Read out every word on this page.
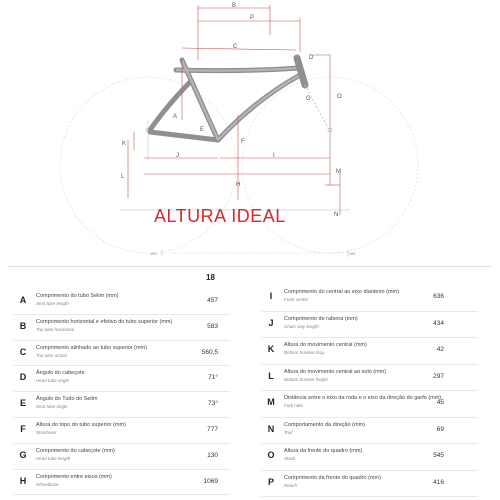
B
P
C
D
O
A
E
F
G
J	I
H
K
L
M
N
160	180
ALTURA IDEAL
18
A	Comprimento do tubo Selim (mm)
Seat tube length	457
B	Comprimento horizontal e efetivo do tubo superior (mm)
Top tube horizontal	583
C	Comprimento alinhado ao tubo superior (mm)
Top tube actual	560,5
D	Ângulo do cabeçote
Head tube angle	71°
E	Ângulo do Tudo do Selim
Seat tube angle	73°
F	Altura do topo do tubo superior (mm)
Standover	777
G	Comprimento do cabeçote (mm)
Head tube length	130
H	Comprimento entre eixos (mm)
Wheelbase	1069
I	Comprimento do central ao eixo dianteiro (mm)
Front center	636
J	Comprimento de rabeira (mm)
Chain stay length	434
K	Altura do movimento central (mm)
Bottom bracket drop	42
L	Altura do movimento central ao solo (mm)
Bottom bracket height	297
M	Distância entre o eixo da roda e o eixo da direção do garfo (mm)
Fork rake	45
N	Comportamento da direção (mm)
Trail	69
O	Altura da frente do quadro (mm)
Stack	545
P	Comprimento da frente do quadro (mm)
Reach	416
